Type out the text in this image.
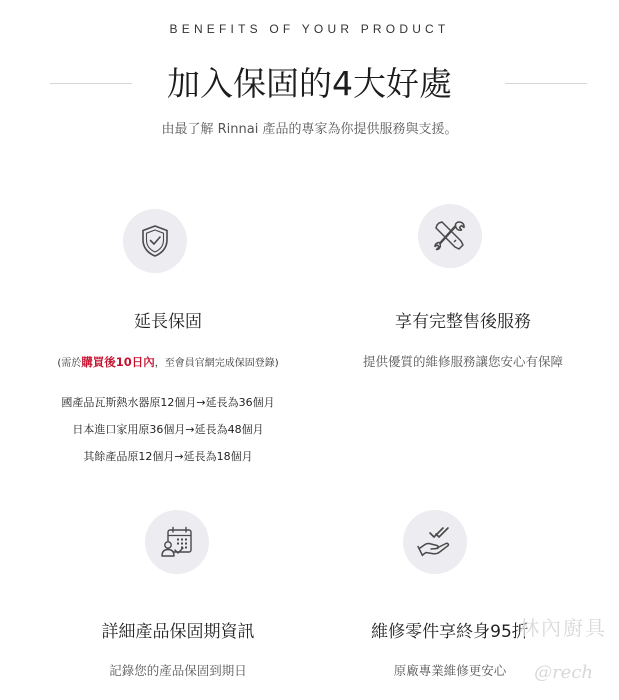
BENEFITS OF YOUR PRODUCT
加入保固的4大好處
由最了解 Rinnai 產品的專家為你提供服務與支援。
延長保固
(需於購買後10日內，至會員官網完成保固登錄)
國產品瓦斯熱水器原12個月→延長為36個月
日本進口家用原36個月→延長為48個月
其餘產品原12個月→延長為18個月
享有完整售後服務
提供優質的維修服務讓您安心有保障
詳細產品保固期資訊
記錄您的產品保固到期日
維修零件享終身95折
原廠專業維修更安心
林內廚具
@rech
